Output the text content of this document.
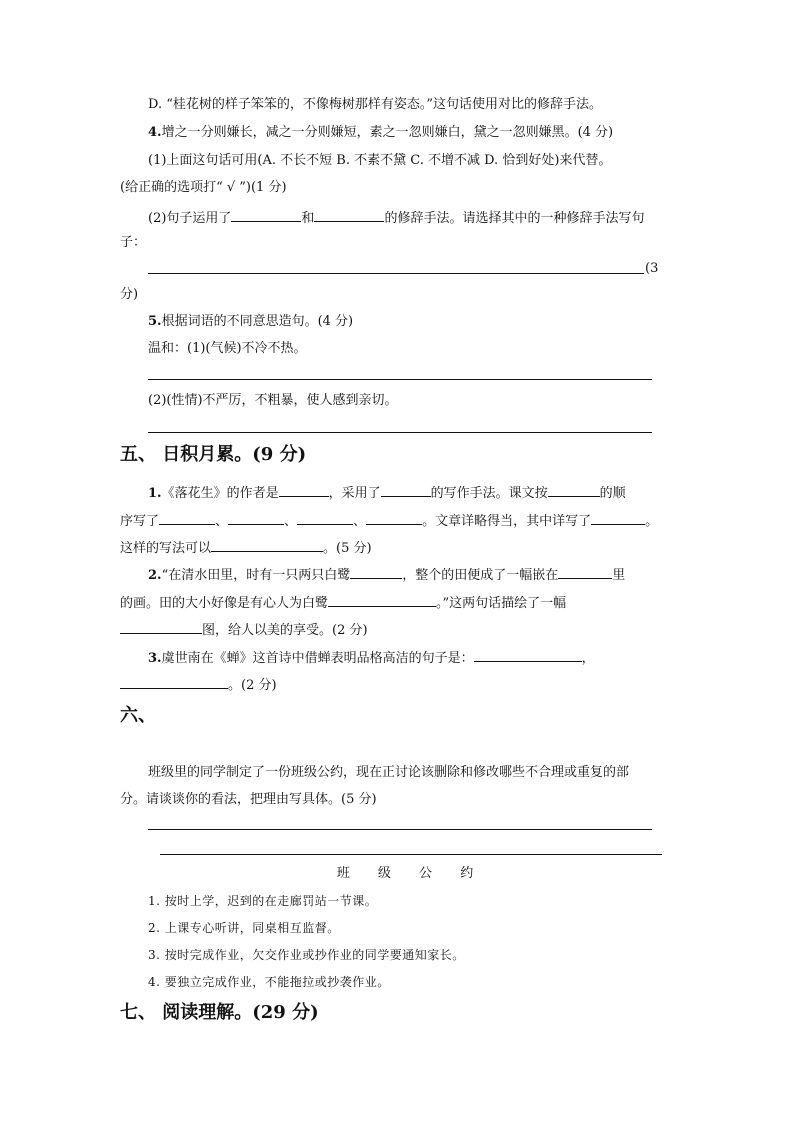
D. “桂花树的样子笨笨的，不像梅树那样有姿态。”这句话使用对比的修辞手法。
4.增之一分则嫌长，减之一分则嫌短，素之一忽则嫌白，黛之一忽则嫌黑。(4 分)
(1)上面这句话可用(A. 不长不短 B. 不素不黛 C. 不增不减 D. 恰到好处)来代替。
(给正确的选项打“ √ ”)(1 分)
(2)句子运用了	和	的修辞手法。请选择其中的一种修辞手法写句
子：
(3
分)
5.根据词语的不同意思造句。(4 分)
温和：(1)(气候)不冷不热。
(2)(性情)不严厉，不粗暴，使人感到亲切。
五、 日积月累。(9 分)
1.《落花生》的作者是	，采用了	的写作手法。课文按	的顺
序写了	、	、	、	。文章详略得当，其中详写了	。
这样的写法可以	。(5 分)
2.“在清水田里，时有一只两只白鹭	，整个的田便成了一幅嵌在	里
的画。田的大小好像是有心人为白鹭	。”这两句话描绘了一幅
图，给人以美的享受。(2 分)
3.虞世南在《蝉》这首诗中借蝉表明品格高洁的句子是：	，
。(2 分)
六、
班级里的同学制定了一份班级公约，现在正讨论该删除和修改哪些不合理或重复的部
分。请谈谈你的看法，把理由写具体。(5 分)
班 级 公 约
1. 按时上学，迟到的在走廊罚站一节课。
2. 上课专心听讲，同桌相互监督。
3. 按时完成作业，欠交作业或抄作业的同学要通知家长。
4. 要独立完成作业，不能拖拉或抄袭作业。
七、 阅读理解。(29 分)
